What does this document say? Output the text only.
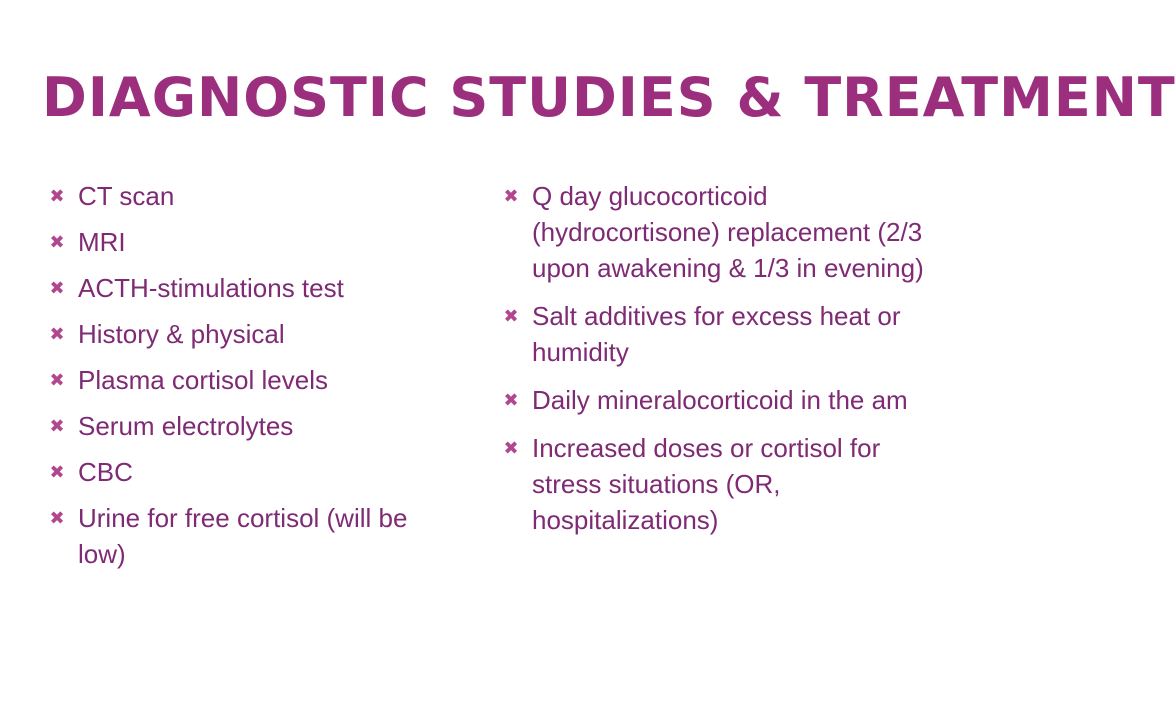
DIAGNOSTIC STUDIES & TREATMENT
✖ CT scan
✖ MRI
✖ ACTH-stimulations test
✖ History & physical
✖ Plasma cortisol levels
✖ Serum electrolytes
✖ CBC
✖ Urine for free cortisol (will be low)
✖ Q day glucocorticoid (hydrocortisone) replacement (2/3 upon awakening & 1/3 in evening)
✖ Salt additives for excess heat or humidity
✖ Daily mineralocorticoid in the am
✖ Increased doses or cortisol for stress situations (OR, hospitalizations)
